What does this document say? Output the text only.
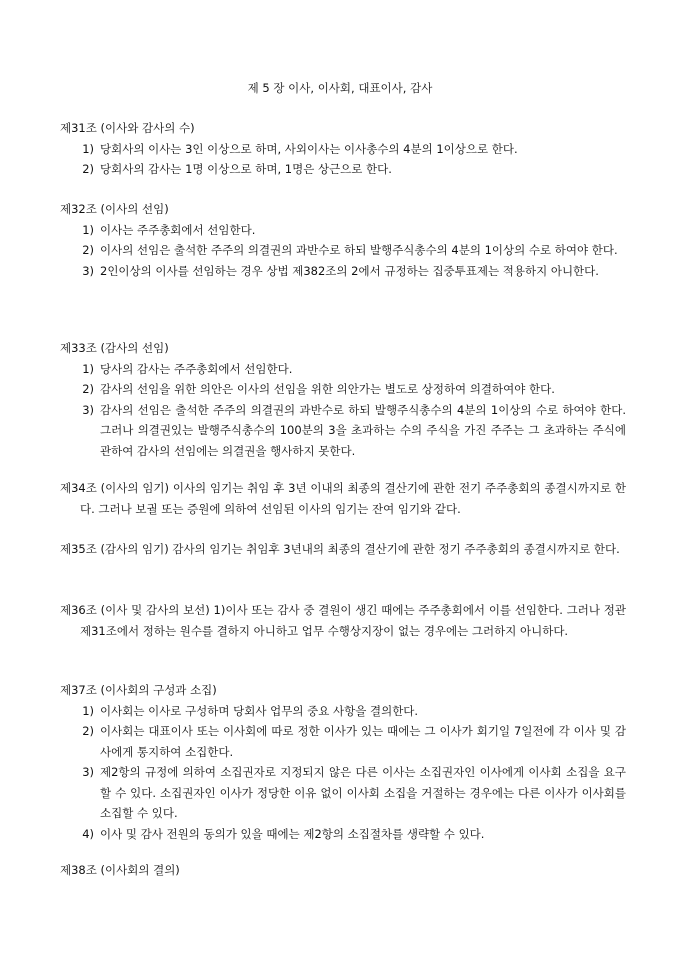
제 5 장 이사, 이사회, 대표이사, 감사
제31조 (이사와 감사의 수)
1) 당회사의 이사는 3인 이상으로 하며, 사외이사는 이사총수의 4분의 1이상으로 한다.
2) 당회사의 감사는 1명 이상으로 하며, 1명은 상근으로 한다.
제32조 (이사의 선임)
1) 이사는 주주총회에서 선임한다.
2) 이사의 선임은 출석한 주주의 의결권의 과반수로 하되 발행주식총수의 4분의 1이상의 수로 하여야 한다.
3) 2인이상의 이사를 선임하는 경우 상법 제382조의 2에서 규정하는 집중투표제는 적용하지 아니한다.
제33조 (감사의 선임)
1) 당사의 감사는 주주총회에서 선임한다.
2) 감사의 선임을 위한 의안은 이사의 선임을 위한 의안가는 별도로 상정하여 의결하여야 한다.
3) 감사의 선임은 출석한 주주의 의결권의 과반수로 하되 발행주식총수의 4분의 1이상의 수로 하여야 한다. 그러나 의결권있는 발행주식총수의 100분의 3을 초과하는 수의 주식을 가진 주주는 그 초과하는 주식에 관하여 감사의 선임에는 의결권을 행사하지 못한다.

제34조 (이사의 임기) 이사의 임기는 취임 후 3년 이내의 최종의 결산기에 관한 전기 주주총회의 종결시까지로 한다. 그러나 보궐 또는 증원에 의하여 선임된 이사의 임기는 잔여 임기와 같다.

제35조 (감사의 임기) 감사의 임기는 취임후 3년내의 최종의 결산기에 관한 정기 주주총회의 종결시까지로 한다.

제36조 (이사 및 감사의 보선) 1)이사 또는 감사 중 결원이 생긴 때에는 주주총회에서 이를 선임한다. 그러나 정관 제31조에서 정하는 원수를 결하지 아니하고 업무 수행상지장이 없는 경우에는 그러하지 아니하다.

제37조 (이사회의 구성과 소집)
1) 이사회는 이사로 구성하며 당회사 업무의 중요 사항을 결의한다.
2) 이사회는 대표이사 또는 이사회에 따로 정한 이사가 있는 때에는 그 이사가 회기일 7일전에 각 이사 및 감사에게 통지하여 소집한다.
3) 제2항의 규정에 의하여 소집권자로 지정되지 않은 다른 이사는 소집권자인 이사에게 이사회 소집을 요구할 수 있다. 소집권자인 이사가 정당한 이유 없이 이사회 소집을 거절하는 경우에는 다른 이사가 이사회를 소집할 수 있다.
4) 이사 및 감사 전원의 동의가 있을 때에는 제2항의 소집절차를 생략할 수 있다.
제38조 (이사회의 결의)
